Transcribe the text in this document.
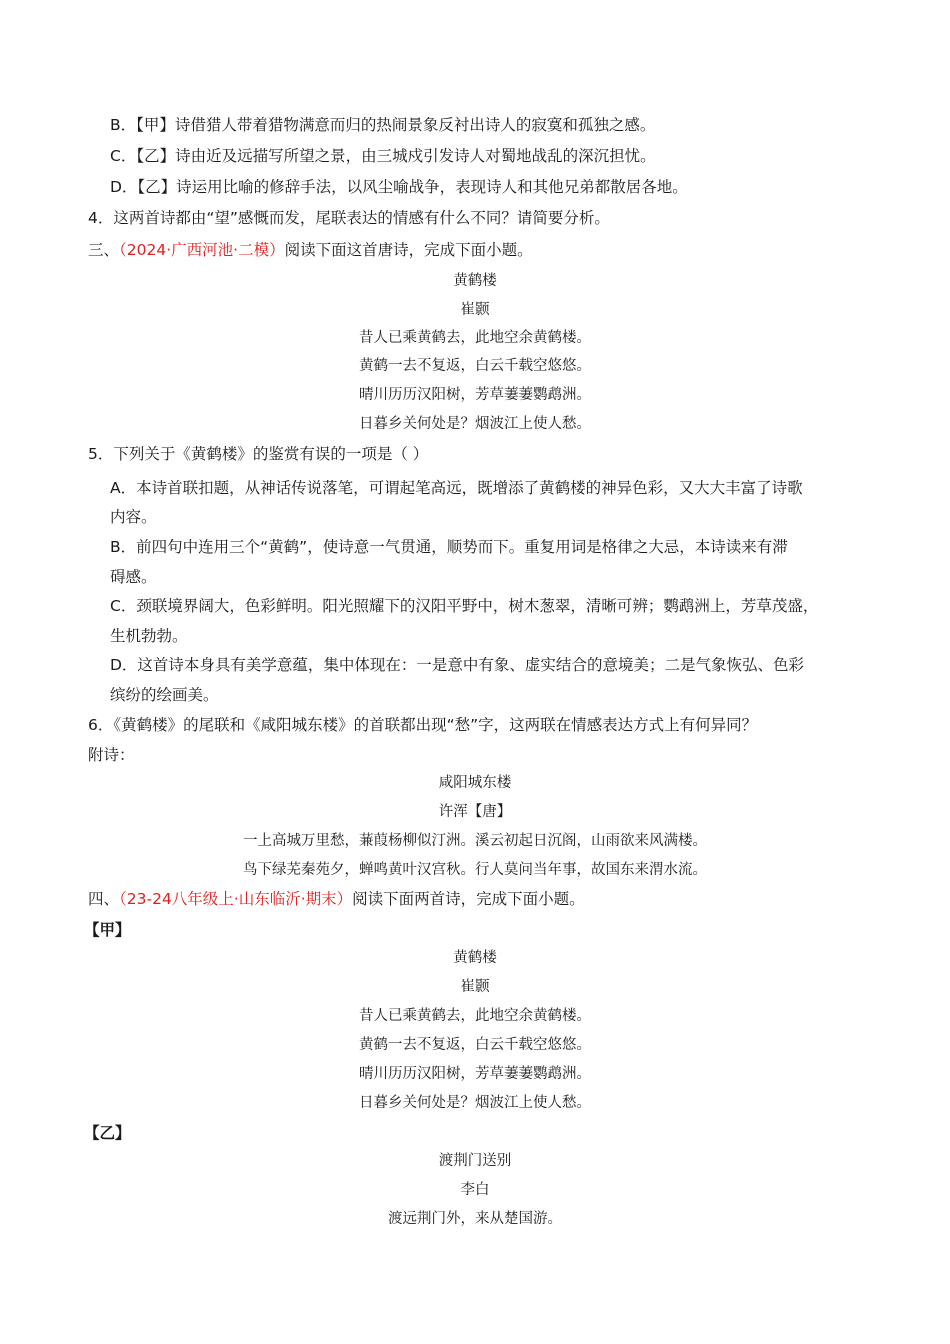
B．【甲】诗借猎人带着猎物满意而归的热闹景象反衬出诗人的寂寞和孤独之感。
C．【乙】诗由近及远描写所望之景，由三城戍引发诗人对蜀地战乱的深沉担忧。
D．【乙】诗运用比喻的修辞手法，以风尘喻战争，表现诗人和其他兄弟都散居各地。
4．这两首诗都由“望”感慨而发，尾联表达的情感有什么不同？请简要分析。
三、（2024·广西河池·二模）阅读下面这首唐诗，完成下面小题。
黄鹤楼
崔颢
昔人已乘黄鹤去，此地空余黄鹤楼。
黄鹤一去不复返，白云千载空悠悠。
晴川历历汉阳树，芳草萋萋鹦鹉洲。
日暮乡关何处是？烟波江上使人愁。
5．下列关于《黄鹤楼》的鉴赏有误的一项是（ ）
A．本诗首联扣题，从神话传说落笔，可谓起笔高远，既增添了黄鹤楼的神异色彩，又大大丰富了诗歌
内容。
B．前四句中连用三个“黄鹤”，使诗意一气贯通，顺势而下。重复用词是格律之大忌，本诗读来有滞
碍感。
C．颈联境界阔大，色彩鲜明。阳光照耀下的汉阳平野中，树木葱翠，清晰可辨；鹦鹉洲上，芳草茂盛，
生机勃勃。
D．这首诗本身具有美学意蕴，集中体现在：一是意中有象、虚实结合的意境美；二是气象恢弘、色彩
缤纷的绘画美。
6．《黄鹤楼》的尾联和《咸阳城东楼》的首联都出现“愁”字，这两联在情感表达方式上有何异同？
附诗：
咸阳城东楼
许浑【唐】
一上高城万里愁，蒹葭杨柳似汀洲。溪云初起日沉阁，山雨欲来风满楼。
鸟下绿芜秦苑夕，蝉鸣黄叶汉宫秋。行人莫问当年事，故国东来渭水流。
四、（23-24八年级上·山东临沂·期末）阅读下面两首诗，完成下面小题。
【甲】
黄鹤楼
崔颢
昔人已乘黄鹤去，此地空余黄鹤楼。
黄鹤一去不复返，白云千载空悠悠。
晴川历历汉阳树，芳草萋萋鹦鹉洲。
日暮乡关何处是？烟波江上使人愁。
【乙】
渡荆门送别
李白
渡远荆门外，来从楚国游。
